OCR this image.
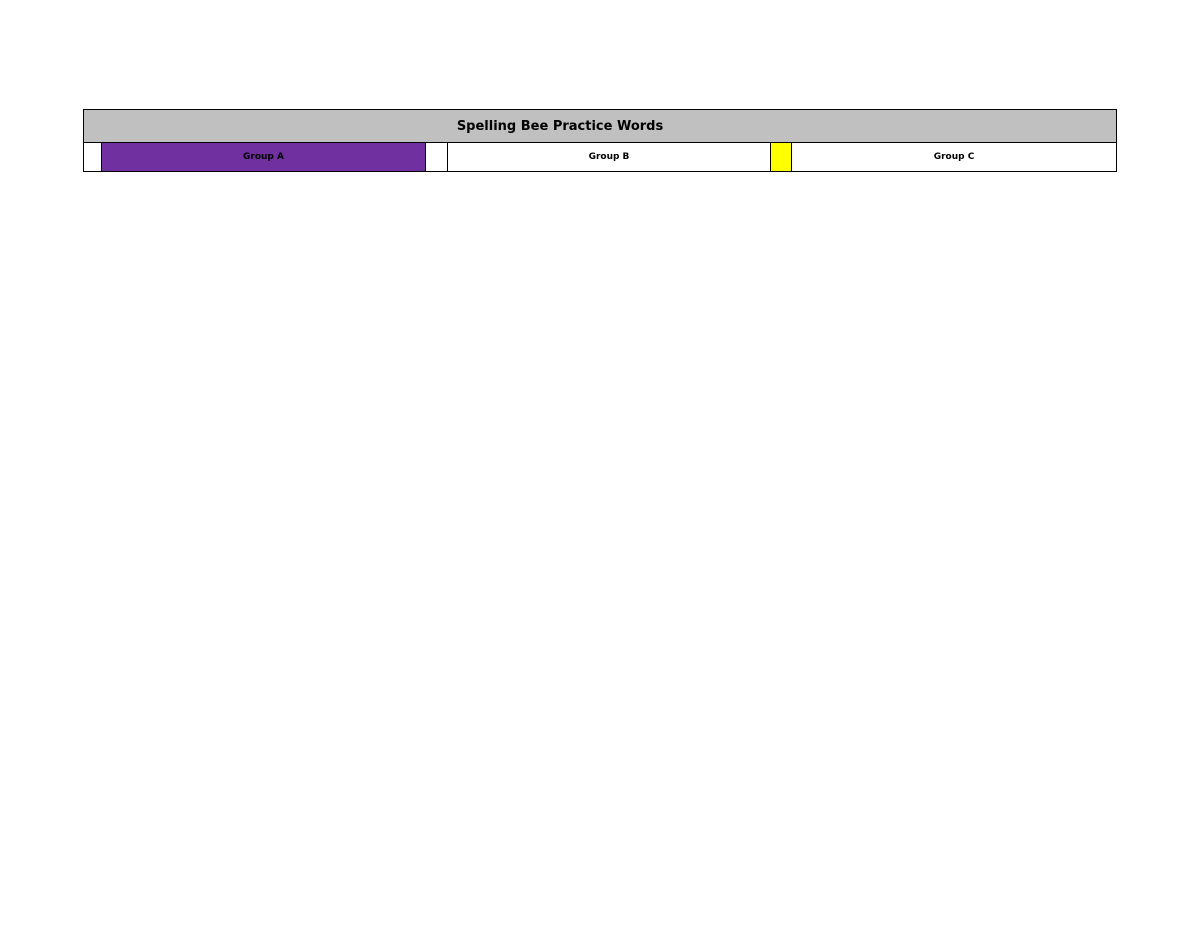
Spelling Bee Practice Words
	Group A		Group B		Group C
